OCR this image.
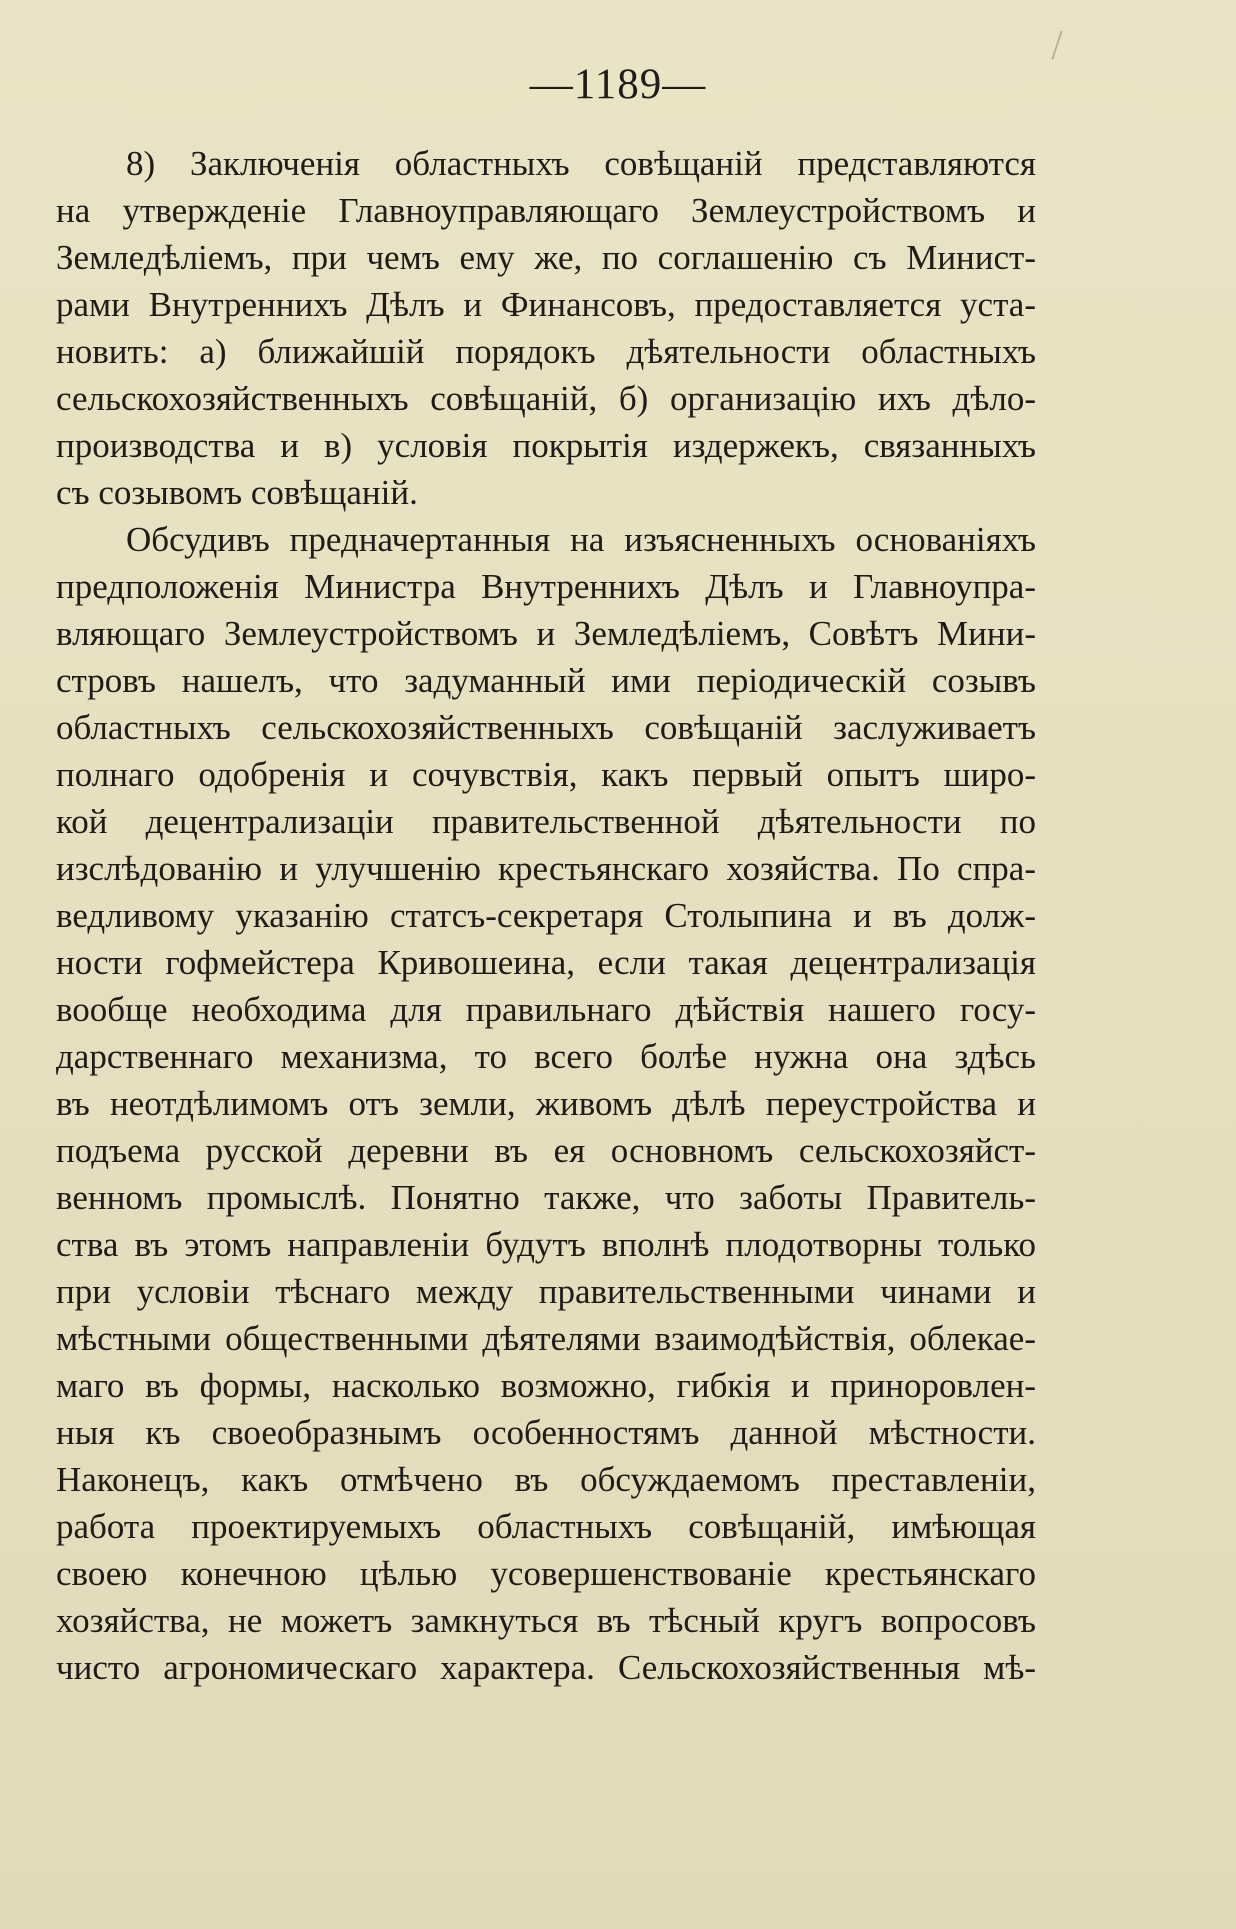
—1189—
8) Заключенія областныхъ совѣщаній представляются
на утвержденіе Главноуправляющаго Землеустройствомъ и
Земледѣліемъ, при чемъ ему же, по соглашенію съ Минист-
рами Внутреннихъ Дѣлъ и Финансовъ, предоставляется уста-
новить: а) ближайшій порядокъ дѣятельности областныхъ
сельскохозяйственныхъ совѣщаній, б) организацію ихъ дѣло-
производства и в) условія покрытія издержекъ, связанныхъ
съ созывомъ совѣщаній.
Обсудивъ предначертанныя на изъясненныхъ основаніяхъ
предположенія Министра Внутреннихъ Дѣлъ и Главноупра-
вляющаго Землеустройствомъ и Земледѣліемъ, Совѣтъ Мини-
стровъ нашелъ, что задуманный ими періодическій созывъ
областныхъ сельскохозяйственныхъ совѣщаній заслуживаетъ
полнаго одобренія и сочувствія, какъ первый опытъ широ-
кой децентрализаціи правительственной дѣятельности по
изслѣдованію и улучшенію крестьянскаго хозяйства. По спра-
ведливому указанію статсъ-секретаря Столыпина и въ долж-
ности гофмейстера Кривошеина, если такая децентрализація
вообще необходима для правильнаго дѣйствія нашего госу-
дарственнаго механизма, то всего болѣе нужна она здѣсь
въ неотдѣлимомъ отъ земли, живомъ дѣлѣ переустройства и
подъема русской деревни въ ея основномъ сельскохозяйст-
венномъ промыслѣ. Понятно также, что заботы Правитель-
ства въ этомъ направленіи будутъ вполнѣ плодотворны только
при условіи тѣснаго между правительственными чинами и
мѣстными общественными дѣятелями взаимодѣйствія, облекае-
маго въ формы, насколько возможно, гибкія и приноровлен-
ныя къ своеобразнымъ особенностямъ данной мѣстности.
Наконецъ, какъ отмѣчено въ обсуждаемомъ преставленіи,
работа проектируемыхъ областныхъ совѣщаній, имѣющая
своею конечною цѣлью усовершенствованіе крестьянскаго
хозяйства, не можетъ замкнуться въ тѣсный кругъ вопросовъ
чисто агрономическаго характера. Сельскохозяйственныя мѣ-
